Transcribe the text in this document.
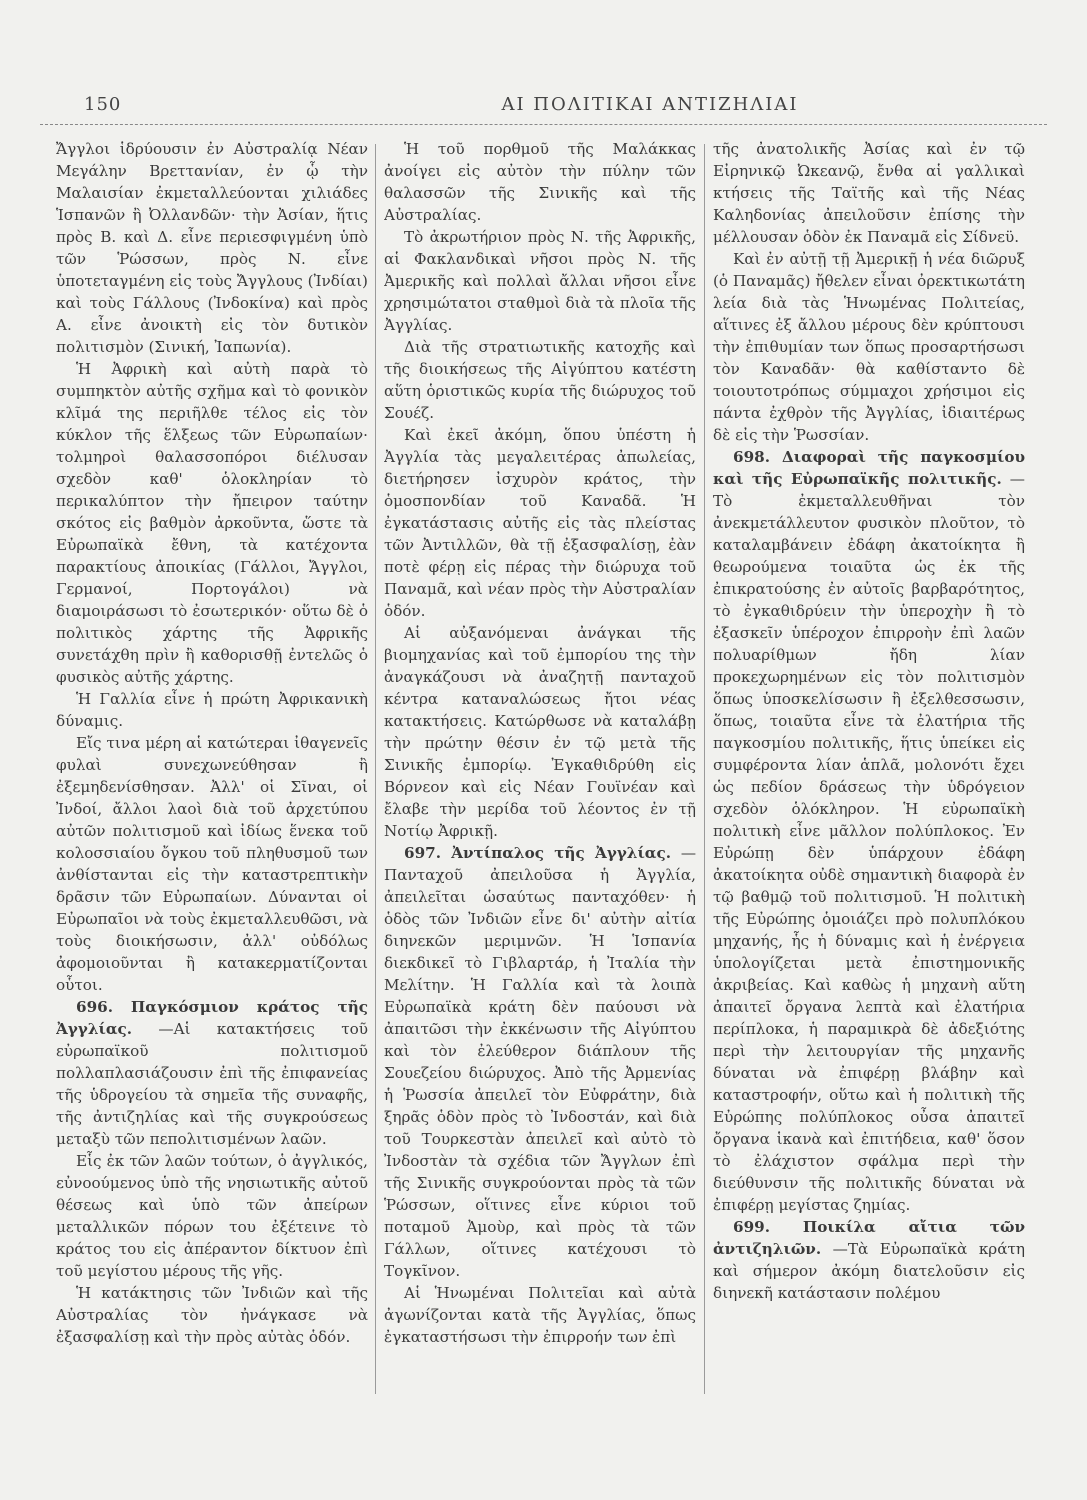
150	ΑΙ ΠΟΛΙΤΙΚΑΙ ΑΝΤΙΖΗΛΙΑΙ

Ἄγγλοι ἱδρύουσιν ἐν Αὐστραλίᾳ Νέαν Μεγάλην Βρεττανίαν, ἐν ᾧ τὴν Μαλαισίαν ἐκμεταλλεύονται χιλιάδες Ἱσπανῶν ἢ Ὀλλανδῶν· τὴν Ἀσίαν, ἥτις πρὸς Β. καὶ Δ. εἶνε περιεσφιγμένη ὑπὸ τῶν Ῥώσσων, πρὸς Ν. εἶνε ὑποτεταγμένη εἰς τοὺς Ἄγγλους (Ἰνδίαι) καὶ τοὺς Γάλλους (Ἰνδοκίνα) καὶ πρὸς Α. εἶνε ἀνοικτὴ εἰς τὸν δυτικὸν πολιτισμὸν (Σινική, Ἰαπωνία).

Ἡ Ἀφρικὴ καὶ αὐτὴ παρὰ τὸ συμπηκτὸν αὐτῆς σχῆμα καὶ τὸ φονικὸν κλῖμά της περιῆλθε τέλος εἰς τὸν κύκλον τῆς ἕλξεως τῶν Εὐρωπαίων· τολμηροὶ θαλασσοπόροι διέλυσαν σχεδὸν καθ' ὁλοκληρίαν τὸ περικαλύπτον τὴν ἤπειρον ταύτην σκότος εἰς βαθμὸν ἀρκοῦντα, ὥστε τὰ Εὐρωπαϊκὰ ἔθνη, τὰ κατέχοντα παρακτίους ἀποικίας (Γάλλοι, Ἄγγλοι, Γερμανοί, Πορτογάλοι) νὰ διαμοιράσωσι τὸ ἐσωτερικόν· οὕτω δὲ ὁ πολιτικὸς χάρτης τῆς Ἀφρικῆς συνετάχθη πρὶν ἢ καθορισθῇ ἐντελῶς ὁ φυσικὸς αὐτῆς χάρτης.

Ἡ Γαλλία εἶνε ἡ πρώτη Ἀφρικανικὴ δύναμις.

Εἴς τινα μέρη αἱ κατώτεραι ἰθαγενεῖς φυλαὶ συνεχωνεύθησαν ἢ ἐξεμηδενίσθησαν. Ἀλλ' οἱ Σῖναι, οἱ Ἰνδοί, ἄλλοι λαοὶ διὰ τοῦ ἀρχετύπου αὐτῶν πολιτισμοῦ καὶ ἰδίως ἕνεκα τοῦ κολοσσιαίου ὄγκου τοῦ πληθυσμοῦ των ἀνθίστανται εἰς τὴν καταστρεπτικὴν δρᾶσιν τῶν Εὐρωπαίων. Δύνανται οἱ Εὐρωπαῖοι νὰ τοὺς ἐκμεταλλευθῶσι, νὰ τοὺς διοικήσωσιν, ἀλλ' οὐδόλως ἀφομοιοῦνται ἢ κατακερματίζονται οὗτοι.

696. Παγκόσμιον κράτος τῆς Ἀγγλίας. —Αἱ κατακτήσεις τοῦ εὐρωπαϊκοῦ πολιτισμοῦ πολλαπλασιάζουσιν ἐπὶ τῆς ἐπιφανείας τῆς ὑδρογείου τὰ σημεῖα τῆς συναφῆς, τῆς ἀντιζηλίας καὶ τῆς συγκρούσεως μεταξὺ τῶν πεπολιτισμένων λαῶν.

Εἷς ἐκ τῶν λαῶν τούτων, ὁ ἀγγλικός, εὐνοούμενος ὑπὸ τῆς νησιωτικῆς αὐτοῦ θέσεως καὶ ὑπὸ τῶν ἀπείρων μεταλλικῶν πόρων του ἐξέτεινε τὸ κράτος του εἰς ἀπέραντον δίκτυον ἐπὶ τοῦ μεγίστου μέρους τῆς γῆς.

Ἡ κατάκτησις τῶν Ἰνδιῶν καὶ τῆς Αὐστραλίας τὸν ἠνάγκασε νὰ ἐξασφαλίσῃ καὶ τὴν πρὸς αὐτὰς ὁδόν.

Ἡ τοῦ πορθμοῦ τῆς Μαλάκκας ἀνοίγει εἰς αὐτὸν τὴν πύλην τῶν θαλασσῶν τῆς Σινικῆς καὶ τῆς Αὐστραλίας.

Τὸ ἀκρωτήριον πρὸς Ν. τῆς Ἀφρικῆς, αἱ Φακλανδικαὶ νῆσοι πρὸς Ν. τῆς Ἀμερικῆς καὶ πολλαὶ ἄλλαι νῆσοι εἶνε χρησιμώτατοι σταθμοὶ διὰ τὰ πλοῖα τῆς Ἀγγλίας.

Διὰ τῆς στρατιωτικῆς κατοχῆς καὶ τῆς διοικήσεως τῆς Αἰγύπτου κατέστη αὕτη ὁριστικῶς κυρία τῆς διώρυχος τοῦ Σουέζ.

Καὶ ἐκεῖ ἀκόμη, ὅπου ὑπέστη ἡ Ἀγγλία τὰς μεγαλειτέρας ἀπωλείας, διετήρησεν ἰσχυρὸν κράτος, τὴν ὁμοσπονδίαν τοῦ Καναδᾶ. Ἡ ἐγκατάστασις αὐτῆς εἰς τὰς πλείστας τῶν Ἀντιλλῶν, θὰ τῇ ἐξασφαλίσῃ, ἐὰν ποτὲ φέρῃ εἰς πέρας τὴν διώρυχα τοῦ Παναμᾶ, καὶ νέαν πρὸς τὴν Αὐστραλίαν ὁδόν.

Αἱ αὐξανόμεναι ἀνάγκαι τῆς βιομηχανίας καὶ τοῦ ἐμπορίου της τὴν ἀναγκάζουσι νὰ ἀναζητῇ πανταχοῦ κέντρα καταναλώσεως ἤτοι νέας κατακτήσεις. Κατώρθωσε νὰ καταλάβῃ τὴν πρώτην θέσιν ἐν τῷ μετὰ τῆς Σινικῆς ἐμπορίῳ. Ἐγκαθιδρύθη εἰς Βόρνεον καὶ εἰς Νέαν Γουϊνέαν καὶ ἔλαβε τὴν μερίδα τοῦ λέοντος ἐν τῇ Νοτίῳ Ἀφρικῇ.

697. Ἀντίπαλος τῆς Ἀγγλίας. —Πανταχοῦ ἀπειλοῦσα ἡ Ἀγγλία, ἀπειλεῖται ὡσαύτως πανταχόθεν· ἡ ὁδὸς τῶν Ἰνδιῶν εἶνε δι' αὐτὴν αἰτία διηνεκῶν μεριμνῶν. Ἡ Ἱσπανία διεκδικεῖ τὸ Γιβλαρτάρ, ἡ Ἰταλία τὴν Μελίτην. Ἡ Γαλλία καὶ τὰ λοιπὰ Εὐρωπαϊκὰ κράτη δὲν παύουσι νὰ ἀπαιτῶσι τὴν ἐκκένωσιν τῆς Αἰγύπτου καὶ τὸν ἐλεύθερον διάπλουν τῆς Σουεζείου διώρυχος. Ἀπὸ τῆς Ἀρμενίας ἡ Ῥωσσία ἀπειλεῖ τὸν Εὐφράτην, διὰ ξηρᾶς ὁδὸν πρὸς τὸ Ἰνδοστάν, καὶ διὰ τοῦ Τουρκεστὰν ἀπειλεῖ καὶ αὐτὸ τὸ Ἰνδοστὰν τὰ σχέδια τῶν Ἄγγλων ἐπὶ τῆς Σινικῆς συγκρούονται πρὸς τὰ τῶν Ῥώσσων, οἵτινες εἶνε κύριοι τοῦ ποταμοῦ Ἀμοὺρ, καὶ πρὸς τὰ τῶν Γάλλων, οἵτινες κατέχουσι τὸ Τογκῖνον.

Αἱ Ἡνωμέναι Πολιτεῖαι καὶ αὐτὰ ἀγωνίζονται κατὰ τῆς Ἀγγλίας, ὅπως ἐγκαταστήσωσι τὴν ἐπιρροήν των ἐπὶ

τῆς ἀνατολικῆς Ἀσίας καὶ ἐν τῷ Εἰρηνικῷ Ὠκεανῷ, ἔνθα αἱ γαλλικαὶ κτήσεις τῆς Ταϊτῆς καὶ τῆς Νέας Καληδονίας ἀπειλοῦσιν ἐπίσης τὴν μέλλουσαν ὁδὸν ἐκ Παναμᾶ εἰς Σίδνεϋ.

Καὶ ἐν αὐτῇ τῇ Ἀμερικῇ ἡ νέα διῶρυξ (ὁ Παναμᾶς) ἤθελεν εἶναι ὀρεκτικωτάτη λεία διὰ τὰς Ἡνωμένας Πολιτείας, αἵτινες ἐξ ἄλλου μέρους δὲν κρύπτουσι τὴν ἐπιθυμίαν των ὅπως προσαρτήσωσι τὸν Καναδᾶν· θὰ καθίσταντο δὲ τοιουτοτρόπως σύμμαχοι χρήσιμοι εἰς πάντα ἐχθρὸν τῆς Ἀγγλίας, ἰδιαιτέρως δὲ εἰς τὴν Ῥωσσίαν.

698. Διαφοραὶ τῆς παγκοσμίου καὶ τῆς Εὐρωπαϊκῆς πολιτικῆς. —Τὸ ἐκμεταλλευθῆναι τὸν ἀνεκμετάλλευτον φυσικὸν πλοῦτον, τὸ καταλαμβάνειν ἐδάφη ἀκατοίκητα ἢ θεωρούμενα τοιαῦτα ὡς ἐκ τῆς ἐπικρατούσης ἐν αὐτοῖς βαρβαρότητος, τὸ ἐγκαθιδρύειν τὴν ὑπεροχὴν ἢ τὸ ἐξασκεῖν ὑπέροχον ἐπιρροὴν ἐπὶ λαῶν πολυαρίθμων ἤδη λίαν προκεχωρημένων εἰς τὸν πολιτισμὸν ὅπως ὑποσκελίσωσιν ἢ ἐξελθεσσωσιν, ὅπως, τοιαῦτα εἶνε τὰ ἐλατήρια τῆς παγκοσμίου πολιτικῆς, ἥτις ὑπείκει εἰς συμφέροντα λίαν ἁπλᾶ, μολονότι ἔχει ὡς πεδίον δράσεως τὴν ὑδρόγειον σχεδὸν ὁλόκληρον. Ἡ εὐρωπαϊκὴ πολιτικὴ εἶνε μᾶλλον πολύπλοκος. Ἐν Εὐρώπῃ δὲν ὑπάρχουν ἐδάφη ἀκατοίκητα οὐδὲ σημαντικὴ διαφορὰ ἐν τῷ βαθμῷ τοῦ πολιτισμοῦ. Ἡ πολιτικὴ τῆς Εὐρώπης ὁμοιάζει πρὸ πολυπλόκου μηχανής, ἧς ἡ δύναμις καὶ ἡ ἐνέργεια ὑπολογίζεται μετὰ ἐπιστημονικῆς ἀκριβείας. Καὶ καθὼς ἡ μηχανὴ αὕτη ἀπαιτεῖ ὄργανα λεπτὰ καὶ ἐλατήρια περίπλοκα, ἡ παραμικρὰ δὲ ἀδεξιότης περὶ τὴν λειτουργίαν τῆς μηχανῆς δύναται νὰ ἐπιφέρῃ βλάβην καὶ καταστροφήν, οὕτω καὶ ἡ πολιτικὴ τῆς Εὐρώπης πολύπλοκος οὖσα ἀπαιτεῖ ὄργανα ἱκανὰ καὶ ἐπιτήδεια, καθ' ὅσον τὸ ἐλάχιστον σφάλμα περὶ τὴν διεύθυνσιν τῆς πολιτικῆς δύναται νὰ ἐπιφέρῃ μεγίστας ζημίας.

699. Ποικίλα αἴτια τῶν ἀντιζηλιῶν. —Τὰ Εὐρωπαϊκὰ κράτη καὶ σήμερον ἀκόμη διατελοῦσιν εἰς διηνεκῆ κατάστασιν πολέμου
